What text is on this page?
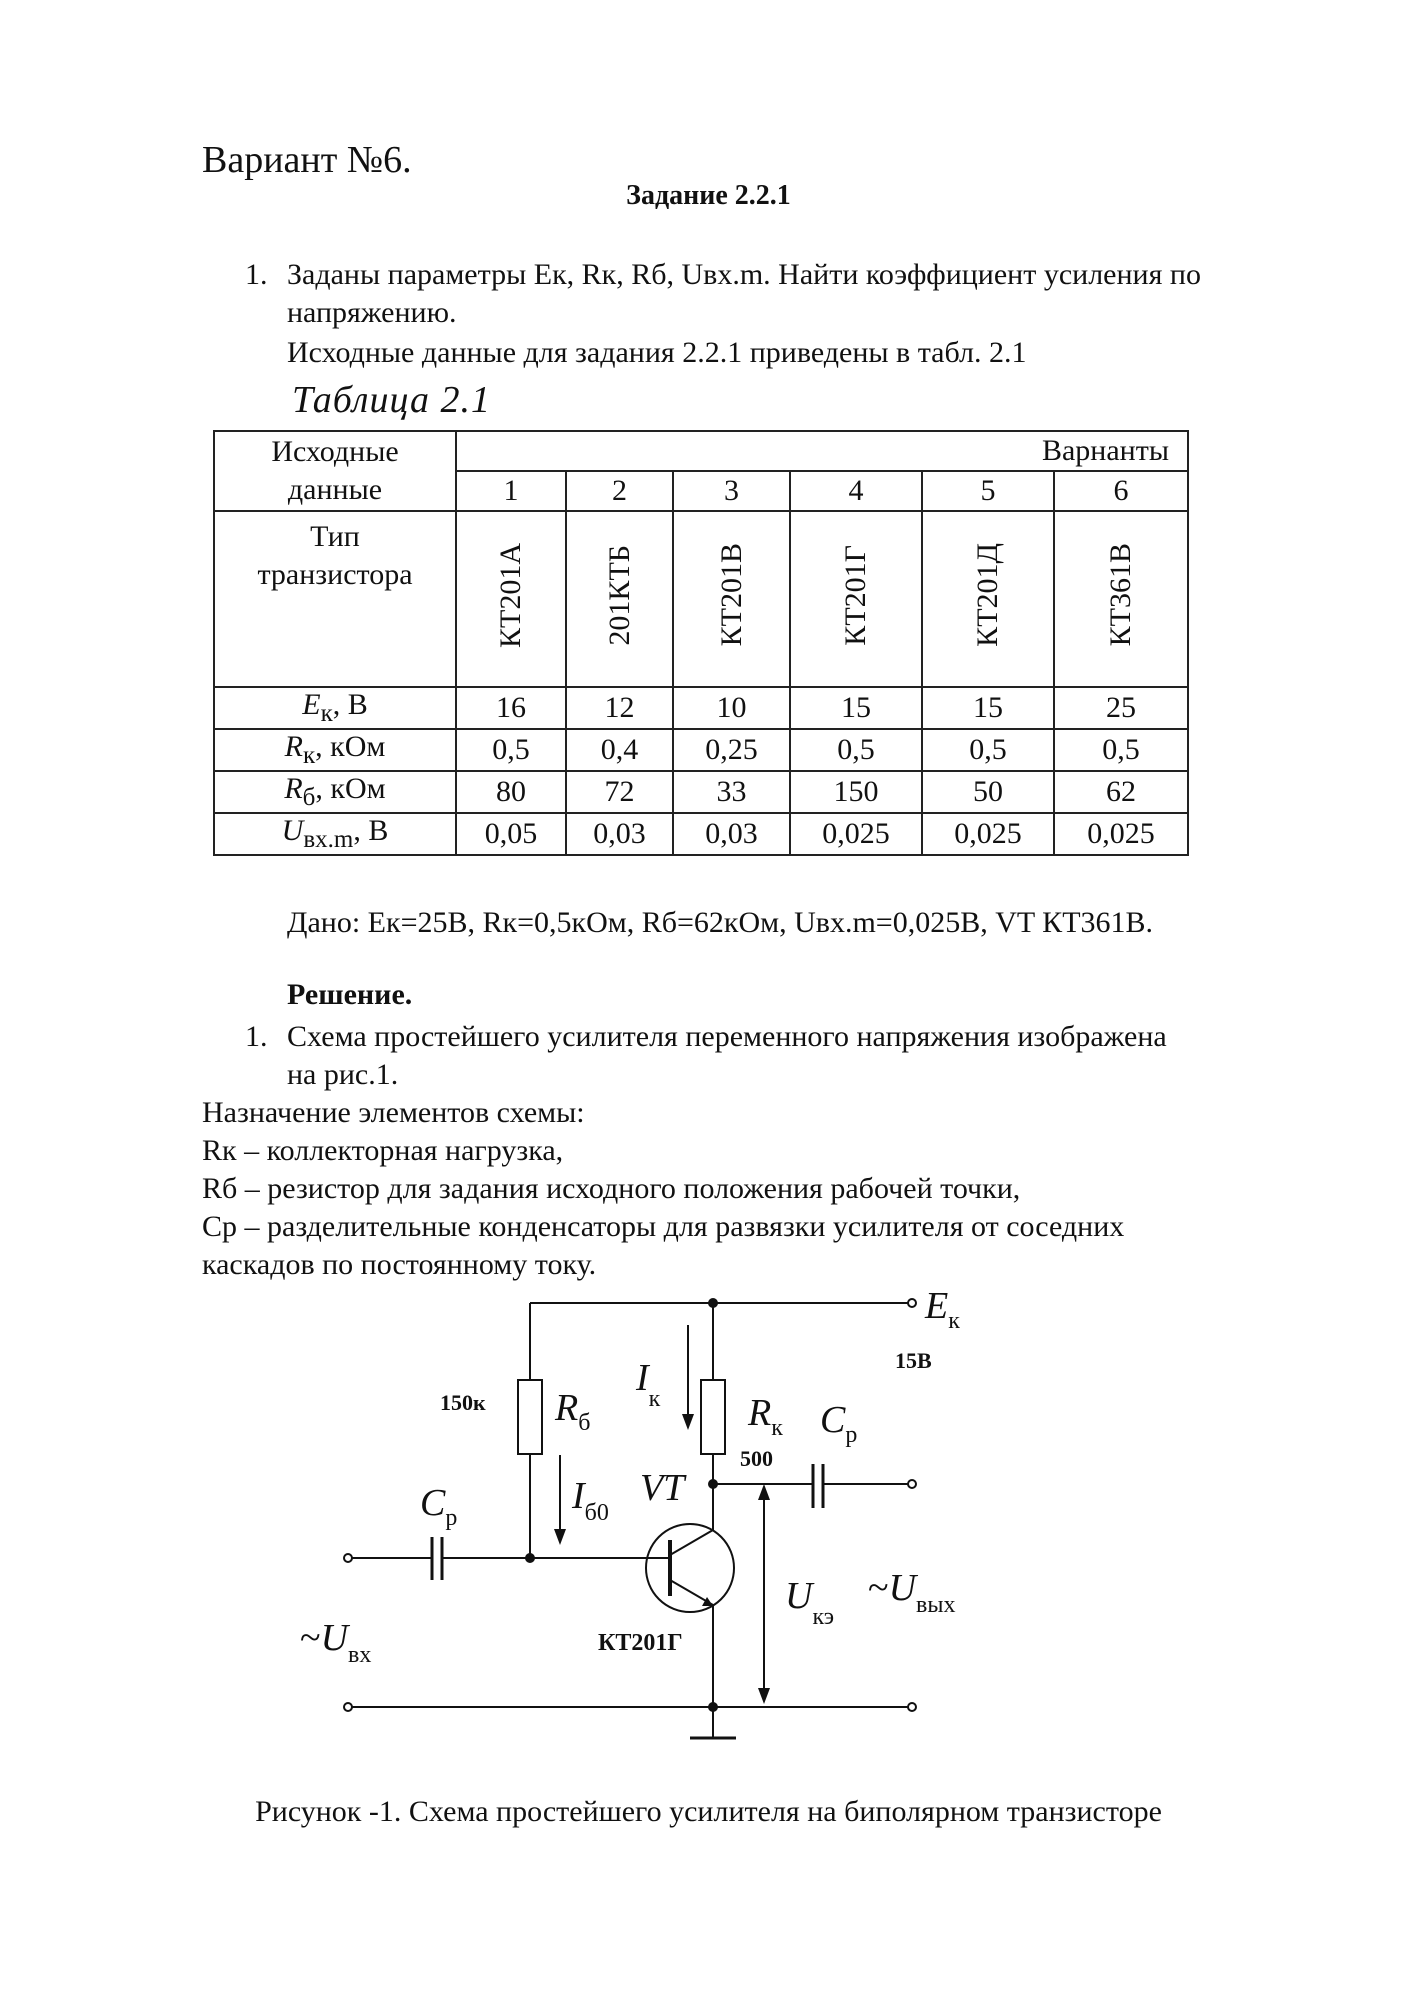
Вариант №6.
Задание 2.2.1
1. Заданы параметры Ек, Rк, Rб, Uвх.m. Найти коэффициент усиления по
напряжению.
Исходные данные для задания 2.2.1 приведены в табл. 2.1
Таблица 2.1
Исходные
данные	Варнанты					
	1	2	3	4	5	6

Тип
транзистора	КТ201А	201КТБ	КТ201В	КТ201Г	КТ201Д	КТ361В
$E_к$, В	16	12	10	15	15	25
$R_к$, кОм	0,5	0,4	0,25	0,5	0,5	0,5
$R_б$, кОм	80	72	33	150	50	62
$U_{вх.m}$, В	0,05	0,03	0,03	0,025	0,025	0,025
Дано: Ек=25В, Rк=0,5кОм, Rб=62кОм, Uвх.m=0,025В, VT КТ361В.
Решение.
1. Схема простейшего усилителя переменного напряжения изображена
на рис.1.
Назначение элементов схемы:
Rк – коллекторная нагрузка,
Rб – резистор для задания исходного положения рабочей точки,
Cр – разделительные конденсаторы для развязки усилителя от соседних
каскадов по постоянному току.
$E_к$
15В
150к $R_б$
$I_к$ $R_к$
500
$C_р$
$I_{б0}$
VT
$C_р$
$\sim U_{вх}$	КТ201Г
$U_{кэ}$
$\sim U_{вых}$
Рисунок -1. Схема простейшего усилителя на биполярном транзисторе
